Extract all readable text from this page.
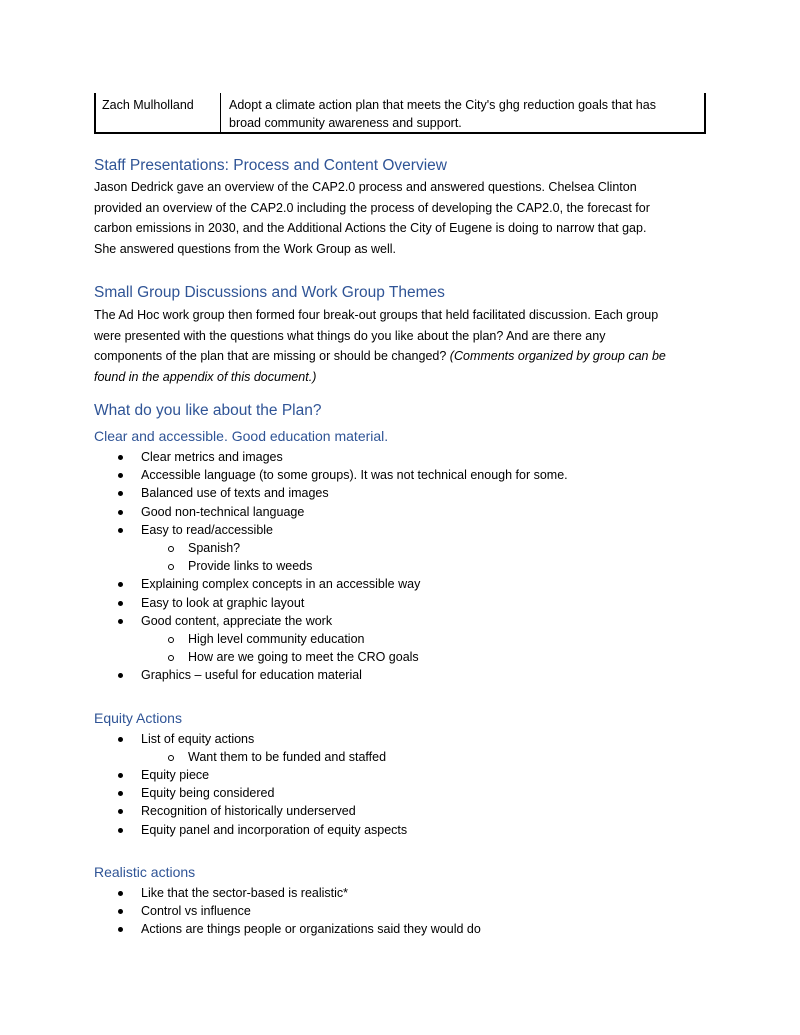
Zach Mulholland	Adopt a climate action plan that meets the City's ghg reduction goals that has
broad community awareness and support.
Staff Presentations: Process and Content Overview
Jason Dedrick gave an overview of the CAP2.0 process and answered questions. Chelsea Clinton
provided an overview of the CAP2.0 including the process of developing the CAP2.0, the forecast for
carbon emissions in 2030, and the Additional Actions the City of Eugene is doing to narrow that gap.
She answered questions from the Work Group as well.
Small Group Discussions and Work Group Themes
The Ad Hoc work group then formed four break-out groups that held facilitated discussion. Each group
were presented with the questions what things do you like about the plan? And are there any
components of the plan that are missing or should be changed? (Comments organized by group can be
found in the appendix of this document.)
What do you like about the Plan?
Clear and accessible. Good education material.
Clear metrics and images
Accessible language (to some groups). It was not technical enough for some.
Balanced use of texts and images
Good non-technical language
Easy to read/accessible
Spanish?
Provide links to weeds
Explaining complex concepts in an accessible way
Easy to look at graphic layout
Good content, appreciate the work
High level community education
How are we going to meet the CRO goals
Graphics – useful for education material
Equity Actions
List of equity actions
Want them to be funded and staffed
Equity piece
Equity being considered
Recognition of historically underserved
Equity panel and incorporation of equity aspects
Realistic actions
Like that the sector-based is realistic*
Control vs influence
Actions are things people or organizations said they would do
